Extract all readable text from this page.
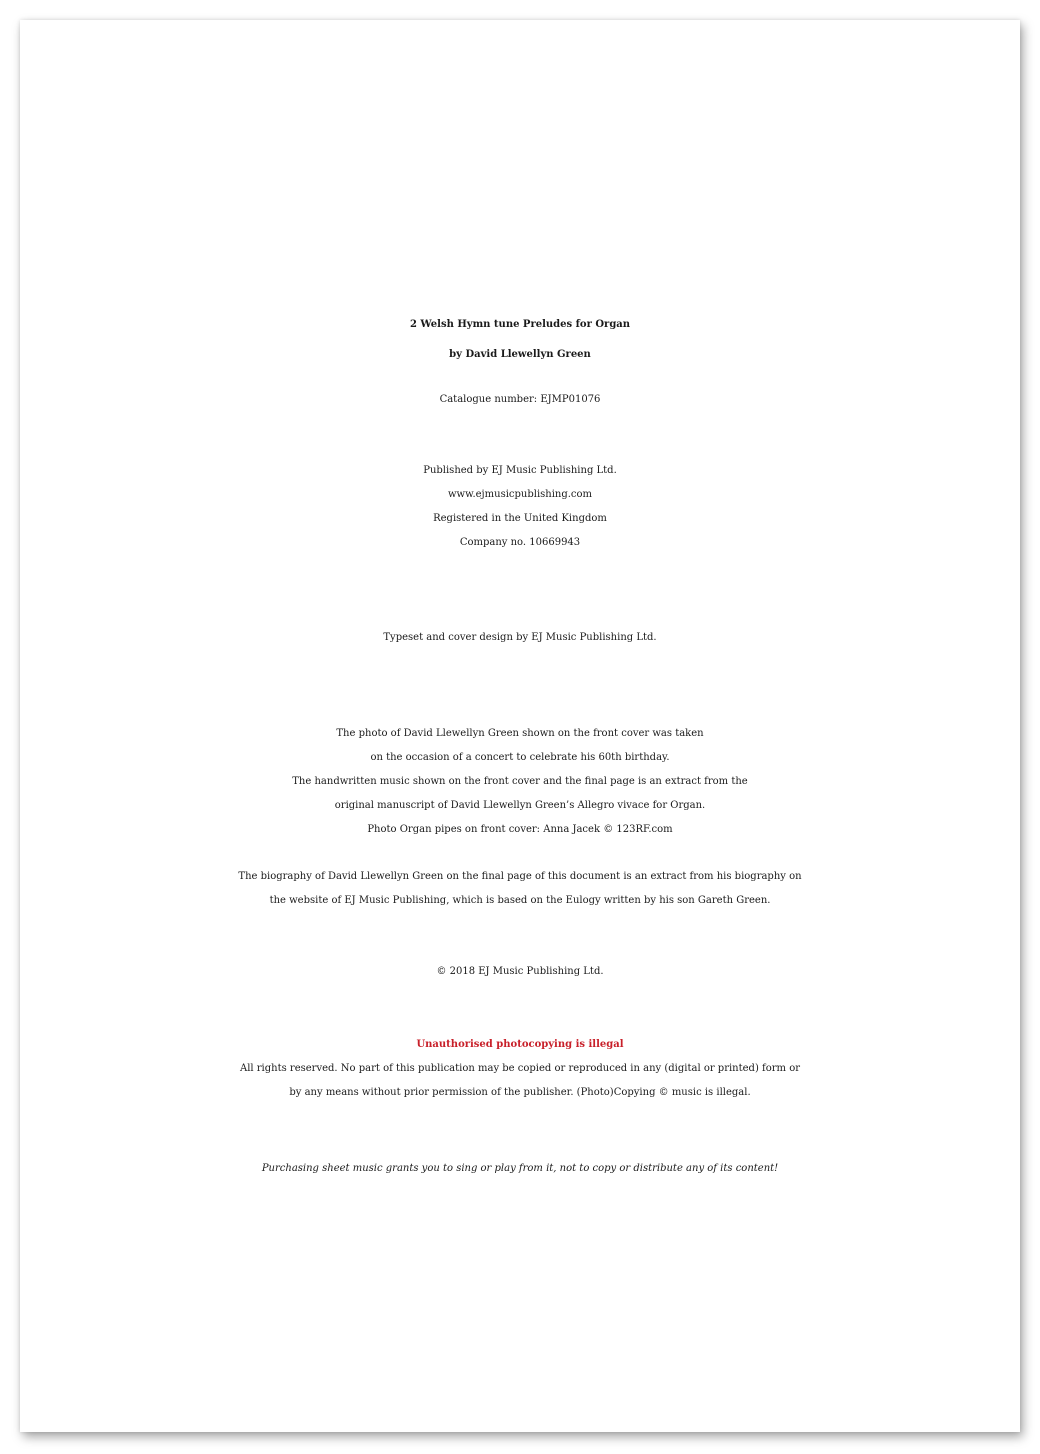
2 Welsh Hymn tune Preludes for Organ
by David Llewellyn Green
Catalogue number: EJMP01076
Published by EJ Music Publishing Ltd.
www.ejmusicpublishing.com
Registered in the United Kingdom
Company no. 10669943
Typeset and cover design by EJ Music Publishing Ltd.
The photo of David Llewellyn Green shown on the front cover was taken
on the occasion of a concert to celebrate his 60th birthday.
The handwritten music shown on the front cover and the final page is an extract from the
original manuscript of David Llewellyn Green’s Allegro vivace for Organ.
Photo Organ pipes on front cover: Anna Jacek © 123RF.com
The biography of David Llewellyn Green on the final page of this document is an extract from his biography on
the website of EJ Music Publishing, which is based on the Eulogy written by his son Gareth Green.
© 2018 EJ Music Publishing Ltd.
Unauthorised photocopying is illegal
All rights reserved. No part of this publication may be copied or reproduced in any (digital or printed) form or
by any means without prior permission of the publisher. (Photo)Copying © music is illegal.
Purchasing sheet music grants you to sing or play from it, not to copy or distribute any of its content!
